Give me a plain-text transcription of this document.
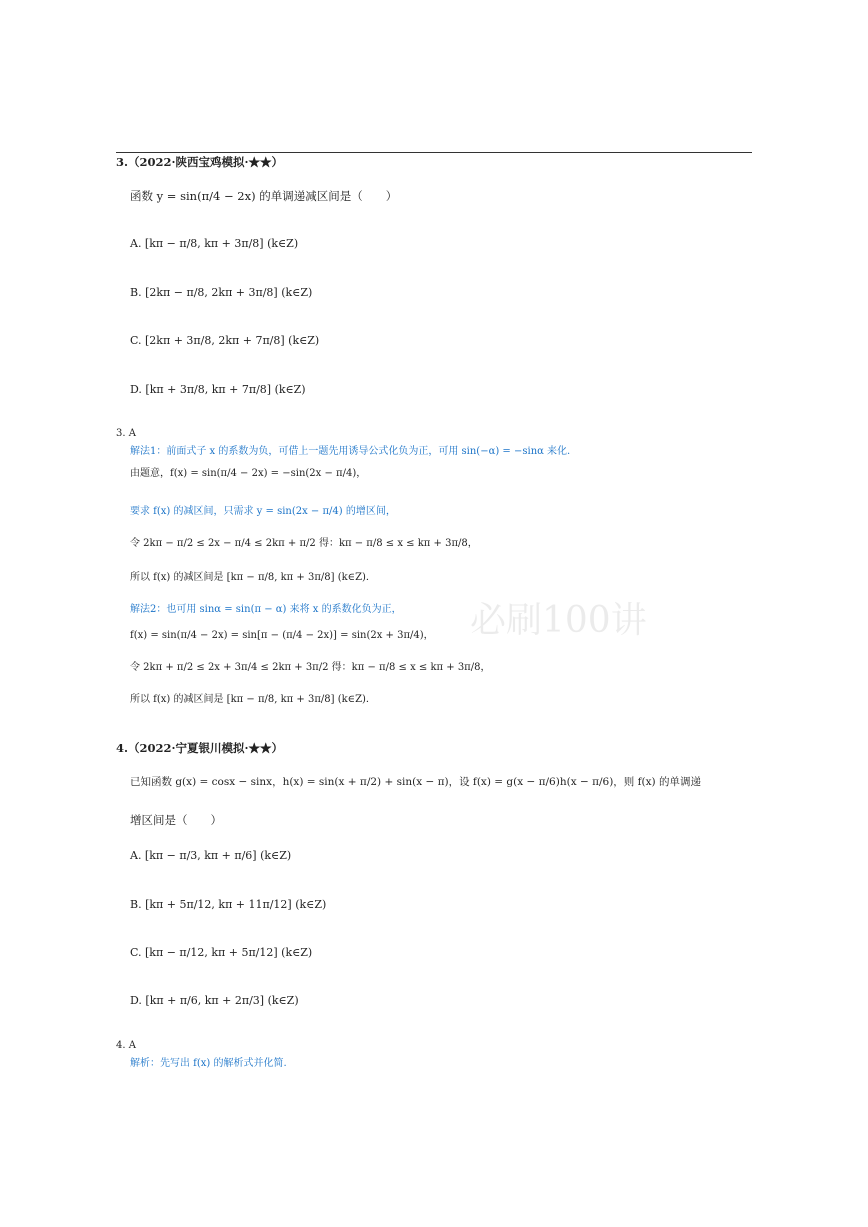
3.（2022·陕西宝鸡模拟·★★）
函数 y = sin(π/4 − 2x) 的单调递减区间是（　　）
A. [kπ − π/8, kπ + 3π/8] (k∈Z)
B. [2kπ − π/8, 2kπ + 3π/8] (k∈Z)
C. [2kπ + 3π/8, 2kπ + 7π/8] (k∈Z)
D. [kπ + 3π/8, kπ + 7π/8] (k∈Z)
3. A
解法1：前面式子 x 的系数为负，可借上一题先用诱导公式化负为正，可用 sin(−α) = −sinα 来化.
由题意，f(x) = sin(π/4 − 2x) = −sin(2x − π/4)，
要求 f(x) 的减区间，只需求 y = sin(2x − π/4) 的增区间，
令 2kπ − π/2 ≤ 2x − π/4 ≤ 2kπ + π/2 得：kπ − π/8 ≤ x ≤ kπ + 3π/8，
所以 f(x) 的减区间是 [kπ − π/8, kπ + 3π/8] (k∈Z)．
解法2：也可用 sinα = sin(π − α) 来将 x 的系数化负为正，
f(x) = sin(π/4 − 2x) = sin[π − (π/4 − 2x)] = sin(2x + 3π/4)，
令 2kπ + π/2 ≤ 2x + 3π/4 ≤ 2kπ + 3π/2 得：kπ − π/8 ≤ x ≤ kπ + 3π/8，
所以 f(x) 的减区间是 [kπ − π/8, kπ + 3π/8] (k∈Z)．
必刷100讲
4.（2022·宁夏银川模拟·★★）
已知函数 g(x) = cosx − sinx，h(x) = sin(x + π/2) + sin(x − π)，设 f(x) = g(x − π/6)h(x − π/6)，则 f(x) 的单调递
增区间是（　　）
A. [kπ − π/3, kπ + π/6] (k∈Z)
B. [kπ + 5π/12, kπ + 11π/12] (k∈Z)
C. [kπ − π/12, kπ + 5π/12] (k∈Z)
D. [kπ + π/6, kπ + 2π/3] (k∈Z)
4. A
解析：先写出 f(x) 的解析式并化简.
